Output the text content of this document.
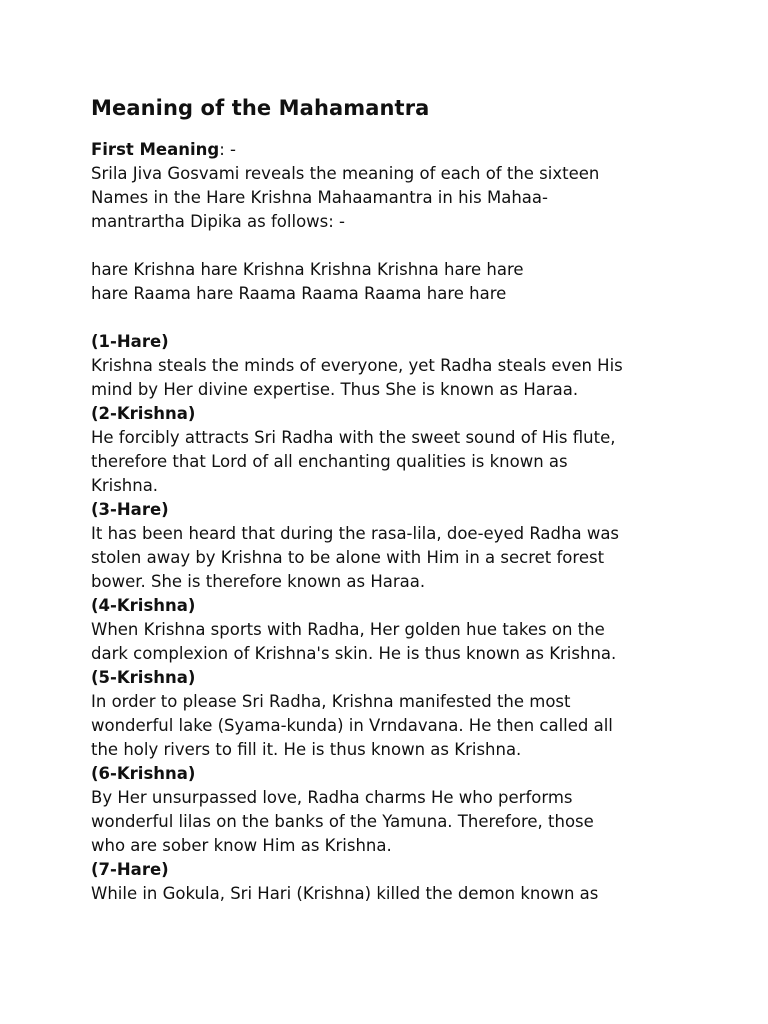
Meaning of the Mahamantra
First Meaning: -
Srila Jiva Gosvami reveals the meaning of each of the sixteen
Names in the Hare Krishna Mahaamantra in his Mahaa-
mantrartha Dipika as follows: -
hare Krishna hare Krishna Krishna Krishna hare hare
hare Raama hare Raama Raama Raama hare hare
(1-Hare)
Krishna steals the minds of everyone, yet Radha steals even His
mind by Her divine expertise. Thus She is known as Haraa.
(2-Krishna)
He forcibly attracts Sri Radha with the sweet sound of His flute,
therefore that Lord of all enchanting qualities is known as
Krishna.
(3-Hare)
It has been heard that during the rasa-lila, doe-eyed Radha was
stolen away by Krishna to be alone with Him in a secret forest
bower. She is therefore known as Haraa.
(4-Krishna)
When Krishna sports with Radha, Her golden hue takes on the
dark complexion of Krishna's skin. He is thus known as Krishna.
(5-Krishna)
In order to please Sri Radha, Krishna manifested the most
wonderful lake (Syama-kunda) in Vrndavana. He then called all
the holy rivers to fill it. He is thus known as Krishna.
(6-Krishna)
By Her unsurpassed love, Radha charms He who performs
wonderful lilas on the banks of the Yamuna. Therefore, those
who are sober know Him as Krishna.
(7-Hare)
While in Gokula, Sri Hari (Krishna) killed the demon known as
